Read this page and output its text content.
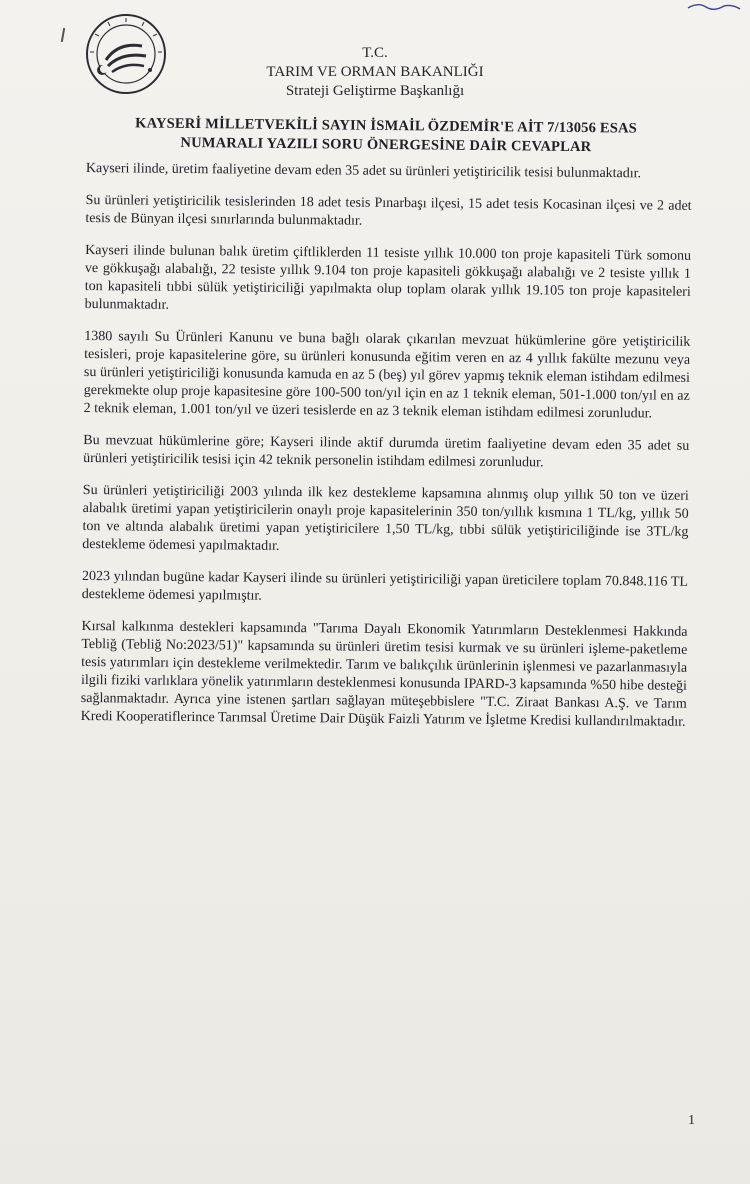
T.C.
TARIM VE ORMAN BAKANLIĞI
Strateji Geliştirme Başkanlığı
KAYSERİ MİLLETVEKİLİ SAYIN İSMAİL ÖZDEMİR'E AİT 7/13056 ESAS
NUMARALI YAZILI SORU ÖNERGESİNE DAİR CEVAPLAR

Kayseri ilinde, üretim faaliyetine devam eden 35 adet su ürünleri yetiştiricilik tesisi bulunmaktadır.

Su ürünleri yetiştiricilik tesislerinden 18 adet tesis Pınarbaşı ilçesi, 15 adet tesis Kocasinan ilçesi ve 2 adet tesis de Bünyan ilçesi sınırlarında bulunmaktadır.

Kayseri ilinde bulunan balık üretim çiftliklerden 11 tesiste yıllık 10.000 ton proje kapasiteli Türk somonu ve gökkuşağı alabalığı, 22 tesiste yıllık 9.104 ton proje kapasiteli gökkuşağı alabalığı ve 2 tesiste yıllık 1 ton kapasiteli tıbbi sülük yetiştiriciliği yapılmakta olup toplam olarak yıllık 19.105 ton proje kapasiteleri bulunmaktadır.

1380 sayılı Su Ürünleri Kanunu ve buna bağlı olarak çıkarılan mevzuat hükümlerine göre yetiştiricilik tesisleri, proje kapasitelerine göre, su ürünleri konusunda eğitim veren en az 4 yıllık fakülte mezunu veya su ürünleri yetiştiriciliği konusunda kamuda en az 5 (beş) yıl görev yapmış teknik eleman istihdam edilmesi gerekmekte olup proje kapasitesine göre 100-500 ton/yıl için en az 1 teknik eleman, 501-1.000 ton/yıl en az 2 teknik eleman, 1.001 ton/yıl ve üzeri tesislerde en az 3 teknik eleman istihdam edilmesi zorunludur.

Bu mevzuat hükümlerine göre; Kayseri ilinde aktif durumda üretim faaliyetine devam eden 35 adet su ürünleri yetiştiricilik tesisi için 42 teknik personelin istihdam edilmesi zorunludur.

Su ürünleri yetiştiriciliği 2003 yılında ilk kez destekleme kapsamına alınmış olup yıllık 50 ton ve üzeri alabalık üretimi yapan yetiştiricilerin onaylı proje kapasitelerinin 350 ton/yıllık kısmına 1 TL/kg, yıllık 50 ton ve altında alabalık üretimi yapan yetiştiricilere 1,50 TL/kg, tıbbi sülük yetiştiriciliğinde ise 3TL/kg destekleme ödemesi yapılmaktadır.

2023 yılından bugüne kadar Kayseri ilinde su ürünleri yetiştiriciliği yapan üreticilere toplam 70.848.116 TL destekleme ödemesi yapılmıştır.

Kırsal kalkınma destekleri kapsamında "Tarıma Dayalı Ekonomik Yatırımların Desteklenmesi Hakkında Tebliğ (Tebliğ No:2023/51)" kapsamında su ürünleri üretim tesisi kurmak ve su ürünleri işleme-paketleme tesis yatırımları için destekleme verilmektedir. Tarım ve balıkçılık ürünlerinin işlenmesi ve pazarlanmasıyla ilgili fiziki varlıklara yönelik yatırımların desteklenmesi konusunda IPARD-3 kapsamında %50 hibe desteği sağlanmaktadır. Ayrıca yine istenen şartları sağlayan müteşebbislere "T.C. Ziraat Bankası A.Ş. ve Tarım Kredi Kooperatiflerince Tarımsal Üretime Dair Düşük Faizli Yatırım ve İşletme Kredisi kullandırılmaktadır.

1
